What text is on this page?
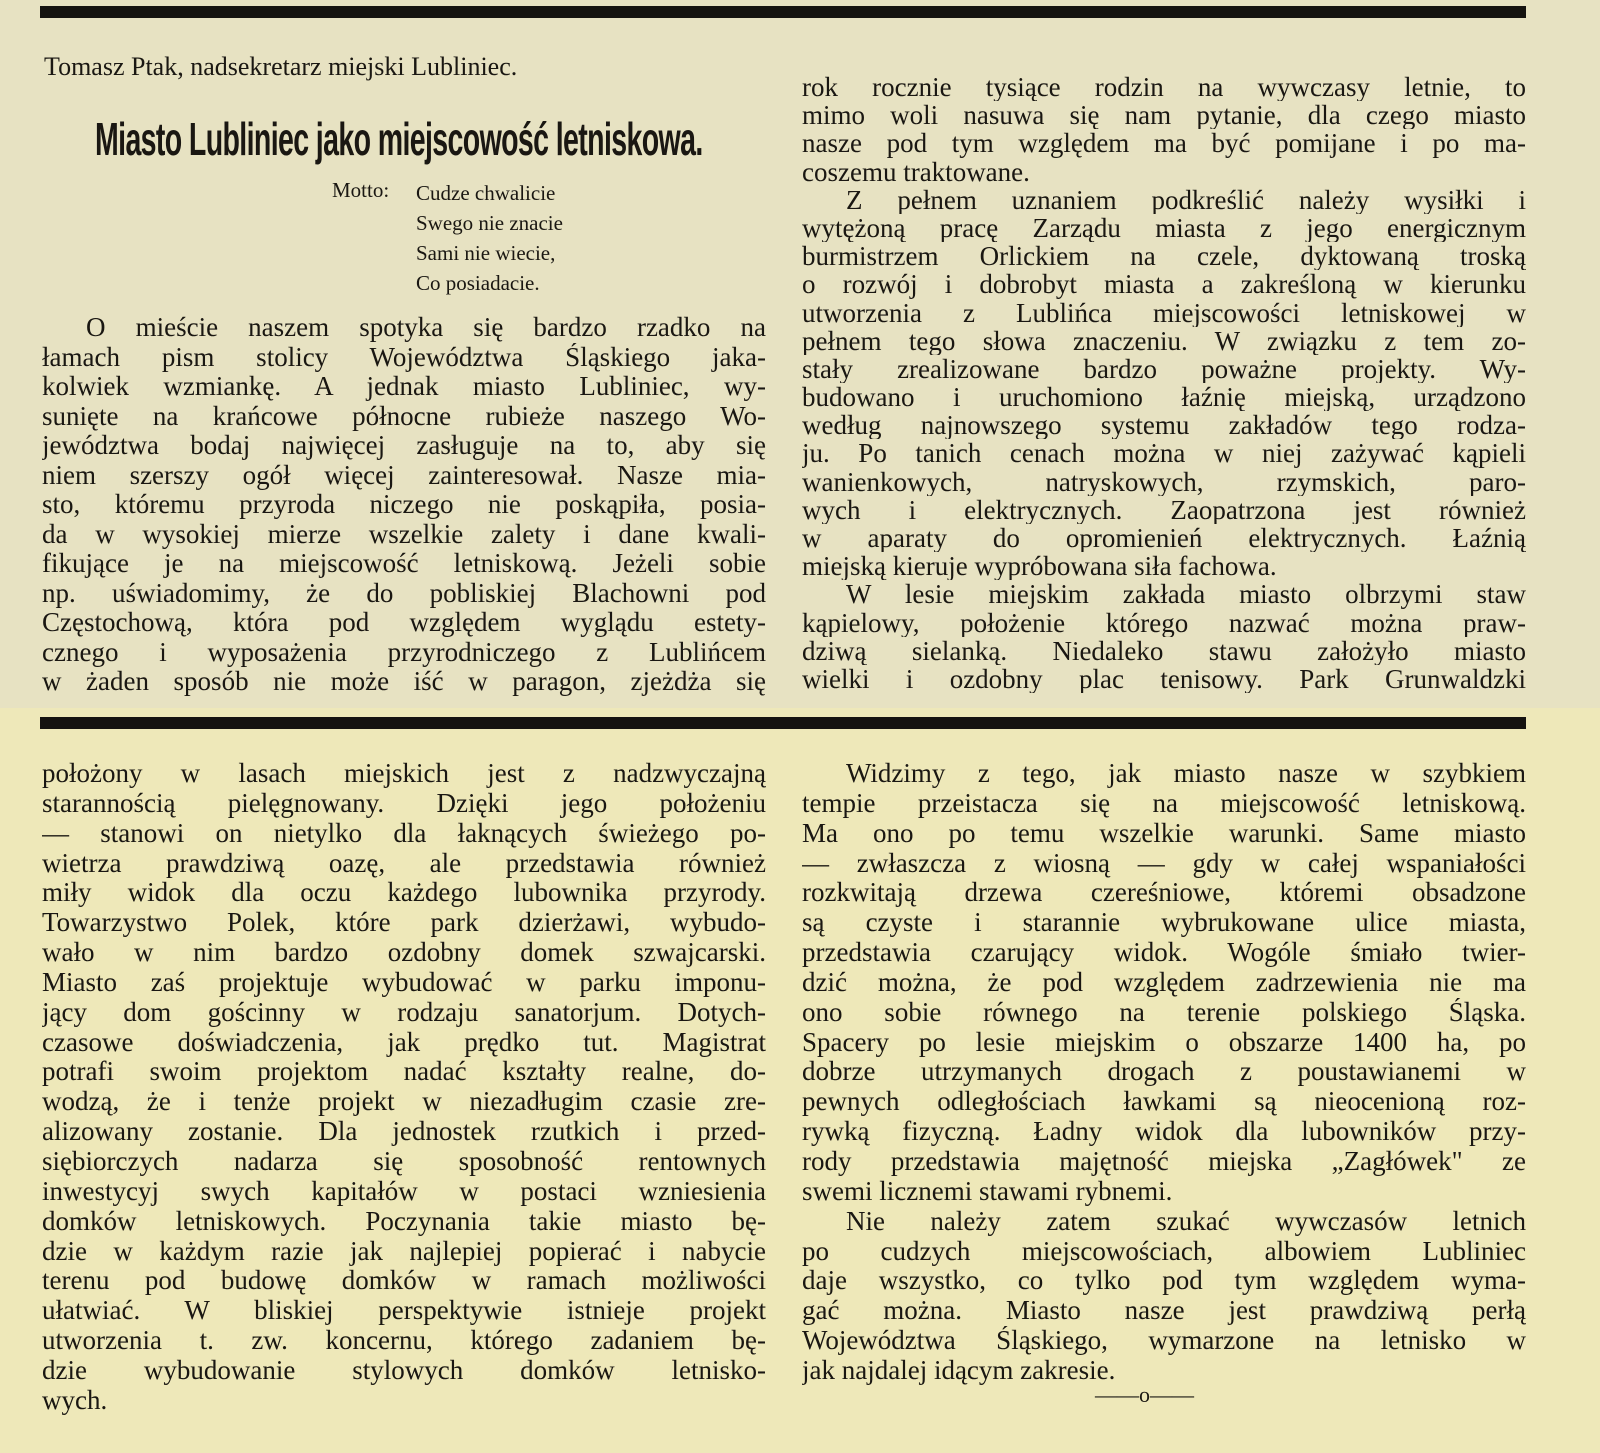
Tomasz Ptak, nadsekretarz miejski Lubliniec.
Miasto Lubliniec jako miejscowość letniskowa.
Motto: Cudze chwalicie
Swego nie znacie
Sami nie wiecie,
Co posiadacie.
O mieście naszem spotyka się bardzo rzadko na
łamach pism stolicy Województwa Śląskiego jaka-
kolwiek wzmiankę. A jednak miasto Lubliniec, wy-
sunięte na krańcowe północne rubieże naszego Wo-
jewództwa bodaj najwięcej zasługuje na to, aby się
niem szerszy ogół więcej zainteresował. Nasze mia-
sto, któremu przyroda niczego nie poskąpiła, posia-
da w wysokiej mierze wszelkie zalety i dane kwali-
fikujące je na miejscowość letniskową. Jeżeli sobie
np. uświadomimy, że do pobliskiej Blachowni pod
Częstochową, która pod względem wyglądu estety-
cznego i wyposażenia przyrodniczego z Lublińcem
w żaden sposób nie może iść w paragon, zjeżdża się
rok rocznie tysiące rodzin na wywczasy letnie, to
mimo woli nasuwa się nam pytanie, dla czego miasto
nasze pod tym względem ma być pomijane i po ma-
coszemu traktowane.
Z pełnem uznaniem podkreślić należy wysiłki i
wytężoną pracę Zarządu miasta z jego energicznym
burmistrzem Orlickiem na czele, dyktowaną troską
o rozwój i dobrobyt miasta a zakreśloną w kierunku
utworzenia z Lublińca miejscowości letniskowej w
pełnem tego słowa znaczeniu. W związku z tem zo-
stały zrealizowane bardzo poważne projekty. Wy-
budowano i uruchomiono łaźnię miejską, urządzono
według najnowszego systemu zakładów tego rodza-
ju. Po tanich cenach można w niej zażywać kąpieli
wanienkowych, natryskowych, rzymskich, paro-
wych i elektrycznych. Zaopatrzona jest również
w aparaty do opromienień elektrycznych. Łaźnią
miejską kieruje wypróbowana siła fachowa.
W lesie miejskim zakłada miasto olbrzymi staw
kąpielowy, położenie którego nazwać można praw-
dziwą sielanką. Niedaleko stawu założyło miasto
wielki i ozdobny plac tenisowy. Park Grunwaldzki
położony w lasach miejskich jest z nadzwyczajną
starannością pielęgnowany. Dzięki jego położeniu
— stanowi on nietylko dla łaknących świeżego po-
wietrza prawdziwą oazę, ale przedstawia również
miły widok dla oczu każdego lubownika przyrody.
Towarzystwo Polek, które park dzierżawi, wybudo-
wało w nim bardzo ozdobny domek szwajcarski.
Miasto zaś projektuje wybudować w parku imponu-
jący dom gościnny w rodzaju sanatorjum. Dotych-
czasowe doświadczenia, jak prędko tut. Magistrat
potrafi swoim projektom nadać kształty realne, do-
wodzą, że i tenże projekt w niezadługim czasie zre-
alizowany zostanie. Dla jednostek rzutkich i przed-
siębiorczych nadarza się sposobność rentownych
inwestycyj swych kapitałów w postaci wzniesienia
domków letniskowych. Poczynania takie miasto bę-
dzie w każdym razie jak najlepiej popierać i nabycie
terenu pod budowę domków w ramach możliwości
ułatwiać. W bliskiej perspektywie istnieje projekt
utworzenia t. zw. koncernu, którego zadaniem bę-
dzie wybudowanie stylowych domków letnisko-
wych.
Widzimy z tego, jak miasto nasze w szybkiem
tempie przeistacza się na miejscowość letniskową.
Ma ono po temu wszelkie warunki. Same miasto
— zwłaszcza z wiosną — gdy w całej wspaniałości
rozkwitają drzewa czereśniowe, któremi obsadzone
są czyste i starannie wybrukowane ulice miasta,
przedstawia czarujący widok. Wogóle śmiało twier-
dzić można, że pod względem zadrzewienia nie ma
ono sobie równego na terenie polskiego Śląska.
Spacery po lesie miejskim o obszarze 1400 ha, po
dobrze utrzymanych drogach z poustawianemi w
pewnych odległościach ławkami są nieocenioną roz-
rywką fizyczną. Ładny widok dla lubowników przy-
rody przedstawia majętność miejska „Zagłówek" ze
swemi licznemi stawami rybnemi.
Nie należy zatem szukać wywczasów letnich
po cudzych miejscowościach, albowiem Lubliniec
daje wszystko, co tylko pod tym względem wyma-
gać można. Miasto nasze jest prawdziwą perłą
Województwa Śląskiego, wymarzone na letnisko w
jak najdalej idącym zakresie.
——o——
